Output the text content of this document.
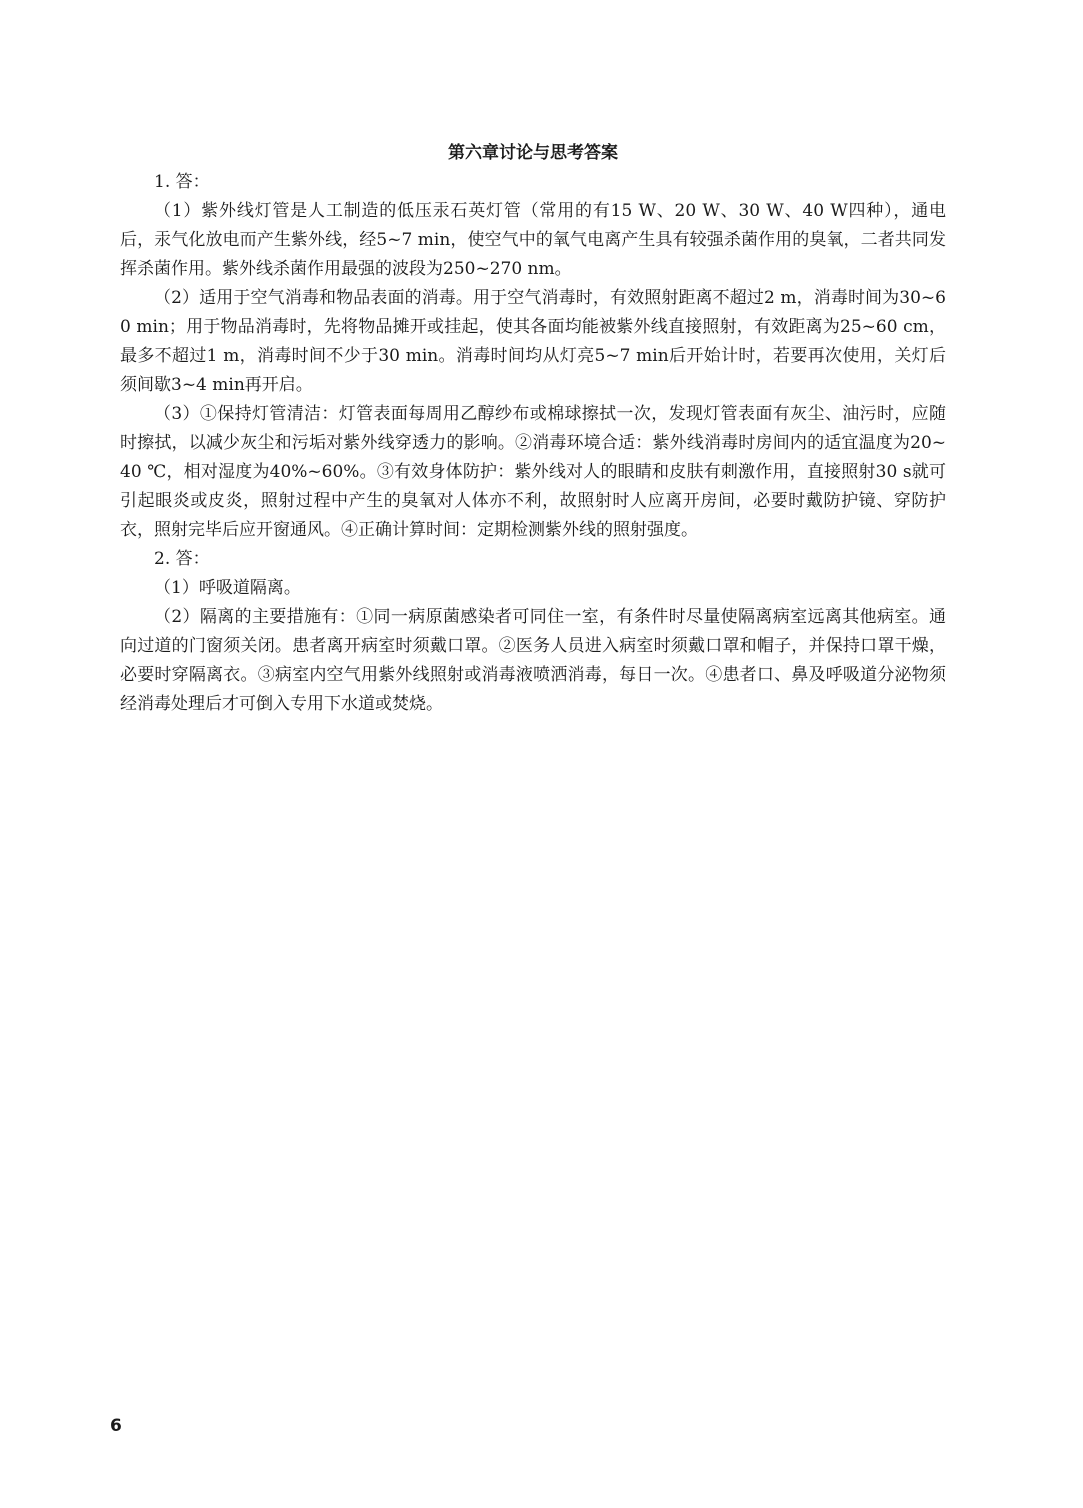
第六章讨论与思考答案

1. 答：

（1）紫外线灯管是人工制造的低压汞石英灯管（常用的有15 W、20 W、30 W、40 W四种），通电后，汞气化放电而产生紫外线，经5~7 min，使空气中的氧气电离产生具有较强杀菌作用的臭氧，二者共同发挥杀菌作用。紫外线杀菌作用最强的波段为250~270 nm。

（2）适用于空气消毒和物品表面的消毒。用于空气消毒时，有效照射距离不超过2 m，消毒时间为30~60 min；用于物品消毒时，先将物品摊开或挂起，使其各面均能被紫外线直接照射，有效距离为25~60 cm，最多不超过1 m，消毒时间不少于30 min。消毒时间均从灯亮5~7 min后开始计时，若要再次使用，关灯后须间歇3~4 min再开启。

（3）①保持灯管清洁：灯管表面每周用乙醇纱布或棉球擦拭一次，发现灯管表面有灰尘、油污时，应随时擦拭，以减少灰尘和污垢对紫外线穿透力的影响。②消毒环境合适：紫外线消毒时房间内的适宜温度为20~40 ℃，相对湿度为40%~60%。③有效身体防护：紫外线对人的眼睛和皮肤有刺激作用，直接照射30 s就可引起眼炎或皮炎，照射过程中产生的臭氧对人体亦不利，故照射时人应离开房间，必要时戴防护镜、穿防护衣，照射完毕后应开窗通风。④正确计算时间：定期检测紫外线的照射强度。

2. 答：

（1）呼吸道隔离。

（2）隔离的主要措施有：①同一病原菌感染者可同住一室，有条件时尽量使隔离病室远离其他病室。通向过道的门窗须关闭。患者离开病室时须戴口罩。②医务人员进入病室时须戴口罩和帽子，并保持口罩干燥，必要时穿隔离衣。③病室内空气用紫外线照射或消毒液喷洒消毒，每日一次。④患者口、鼻及呼吸道分泌物须经消毒处理后才可倒入专用下水道或焚烧。

6
